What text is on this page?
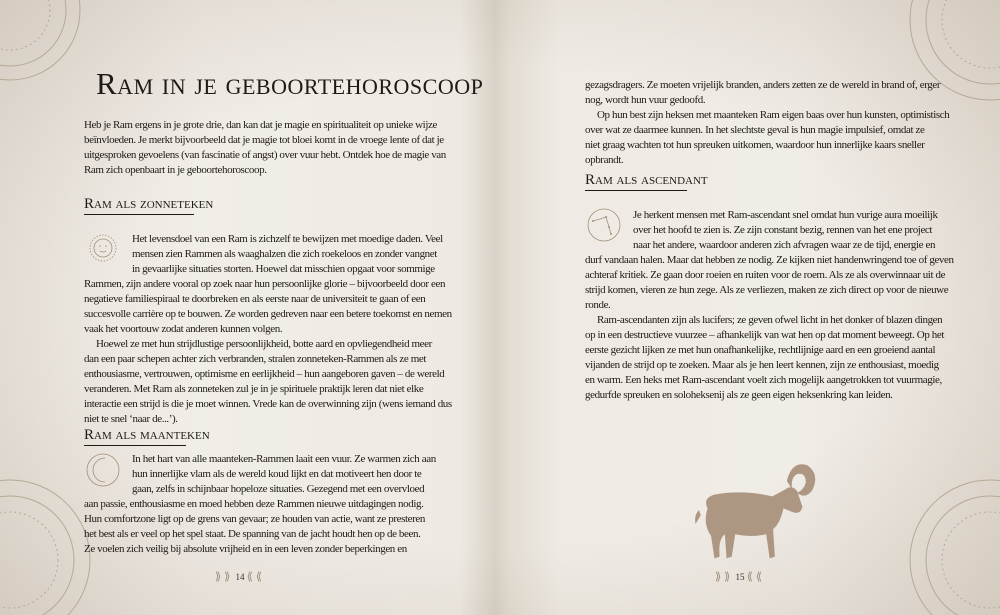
Ram in je geboortehoroscoop
Heb je Ram ergens in je grote drie, dan kan dat je magie en spiritualiteit op unieke wijze
beïnvloeden. Je merkt bijvoorbeeld dat je magie tot bloei komt in de vroege lente of dat je
uitgesproken gevoelens (van fascinatie of angst) over vuur hebt. Ontdek hoe de magie van
Ram zich openbaart in je geboortehoroscoop.
Ram als zonneteken
Het levensdoel van een Ram is zichzelf te bewijzen met moedige daden. Veel
mensen zien Rammen als waaghalzen die zich roekeloos en zonder vangnet
in gevaarlijke situaties storten. Hoewel dat misschien opgaat voor sommige
Rammen, zijn andere vooral op zoek naar hun persoonlijke glorie – bijvoorbeeld door een
negatieve familiespiraal te doorbreken en als eerste naar de universiteit te gaan of een
succesvolle carrière op te bouwen. Ze worden gedreven naar een betere toekomst en nemen
vaak het voortouw zodat anderen kunnen volgen.
Hoewel ze met hun strijdlustige persoonlijkheid, botte aard en opvliegendheid meer
dan een paar schepen achter zich verbranden, stralen zonneteken-Rammen als ze met
enthousiasme, vertrouwen, optimisme en eerlijkheid – hun aangeboren gaven – de wereld
veranderen. Met Ram als zonneteken zul je in je spirituele praktijk leren dat niet elke
interactie een strijd is die je moet winnen. Vrede kan de overwinning zijn (wens iemand dus
niet te snel ‘naar de...’).
Ram als maanteken
In het hart van alle maanteken-Rammen laait een vuur. Ze warmen zich aan
hun innerlijke vlam als de wereld koud lijkt en dat motiveert hen door te
gaan, zelfs in schijnbaar hopeloze situaties. Gezegend met een overvloed
aan passie, enthousiasme en moed hebben deze Rammen nieuwe uitdagingen nodig.
Hun comfortzone ligt op de grens van gevaar; ze houden van actie, want ze presteren
het best als er veel op het spel staat. De spanning van de jacht houdt hen op de been.
Ze voelen zich veilig bij absolute vrijheid en in een leven zonder beperkingen en
⟫⟫ 14 ⟪⟪
gezagsdragers. Ze moeten vrijelijk branden, anders zetten ze de wereld in brand of, erger
nog, wordt hun vuur gedoofd.
Op hun best zijn heksen met maanteken Ram eigen baas over hun kunsten, optimistisch
over wat ze daarmee kunnen. In het slechtste geval is hun magie impulsief, omdat ze
niet graag wachten tot hun spreuken uitkomen, waardoor hun innerlijke kaars sneller
opbrandt.
Ram als ascendant
Je herkent mensen met Ram-ascendant snel omdat hun vurige aura moeilijk
over het hoofd te zien is. Ze zijn constant bezig, rennen van het ene project
naar het andere, waardoor anderen zich afvragen waar ze de tijd, energie en
durf vandaan halen. Maar dat hebben ze nodig. Ze kijken niet handenwringend toe of geven
achteraf kritiek. Ze gaan door roeien en ruiten voor de roem. Als ze als overwinnaar uit de
strijd komen, vieren ze hun zege. Als ze verliezen, maken ze zich direct op voor de nieuwe
ronde.
Ram-ascendanten zijn als lucifers; ze geven ofwel licht in het donker of blazen dingen
op in een destructieve vuurzee – afhankelijk van wat hen op dat moment beweegt. Op het
eerste gezicht lijken ze met hun onafhankelijke, rechtlijnige aard en een groeiend aantal
vijanden de strijd op te zoeken. Maar als je hen leert kennen, zijn ze enthousiast, moedig
en warm. Een heks met Ram-ascendant voelt zich mogelijk aangetrokken tot vuurmagie,
gedurfde spreuken en soloheksenij als ze geen eigen heksenkring kan leiden.
⟫⟫ 15 ⟪⟪
